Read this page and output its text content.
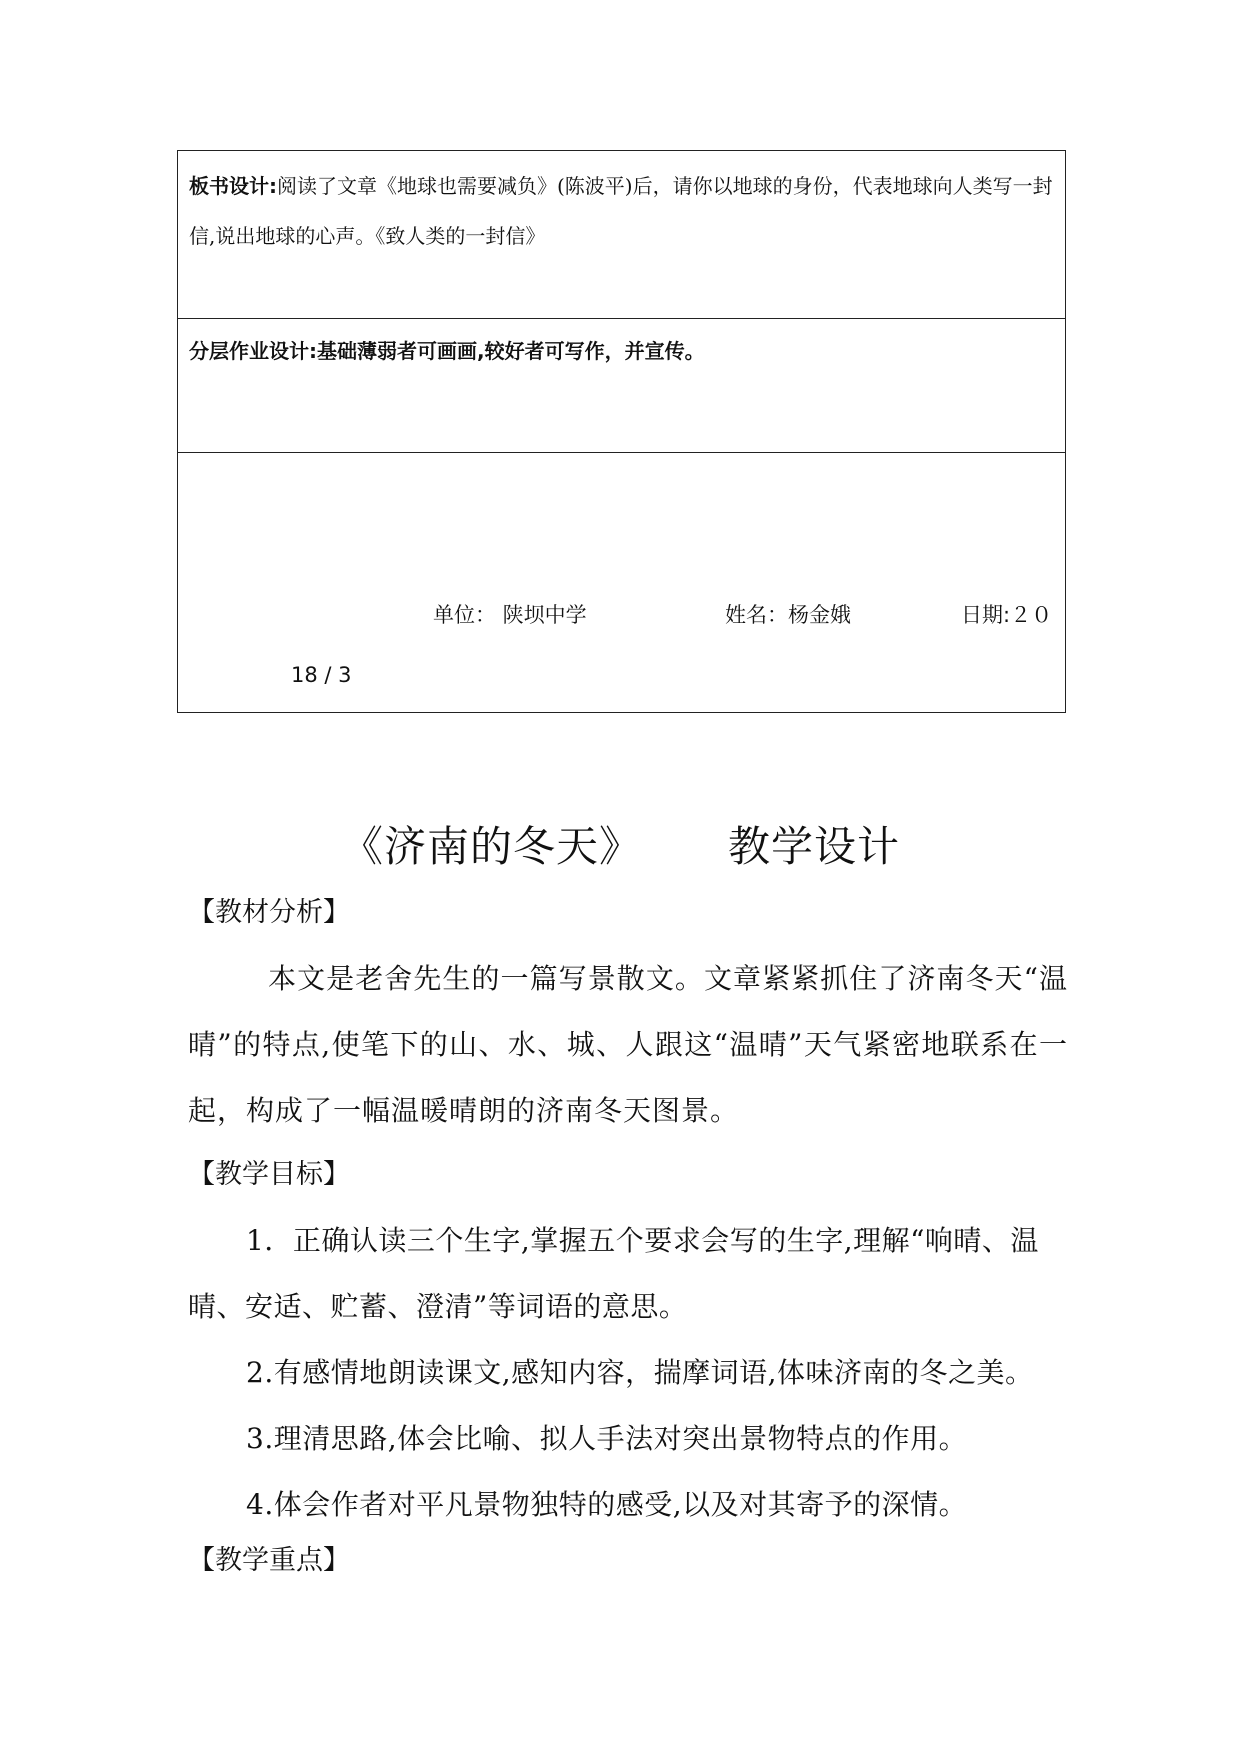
板书设计:阅读了文章《地球也需要减负》(陈波平)后，请你以地球的身份，代表地球向人类写一封信,说出地球的心声。《致人类的一封信》
分层作业设计:基础薄弱者可画画,较好者可写作，并宣传。
单位： 陕坝中学	姓名：杨金娥	日期:２０
18 / 3
《济南的冬天》      教学设计
【教材分析】
本文是老舍先生的一篇写景散文。文章紧紧抓住了济南冬天“温晴”的特点,使笔下的山、水、城、人跟这“温晴”天气紧密地联系在一起，构成了一幅温暖晴朗的济南冬天图景。
【教学目标】
1．正确认读三个生字,掌握五个要求会写的生字,理解“响晴、温晴、安适、贮蓄、澄清”等词语的意思。
2.有感情地朗读课文,感知内容，揣摩词语,体味济南的冬之美。
3.理清思路,体会比喻、拟人手法对突出景物特点的作用。
4.体会作者对平凡景物独特的感受,以及对其寄予的深情。
【教学重点】
